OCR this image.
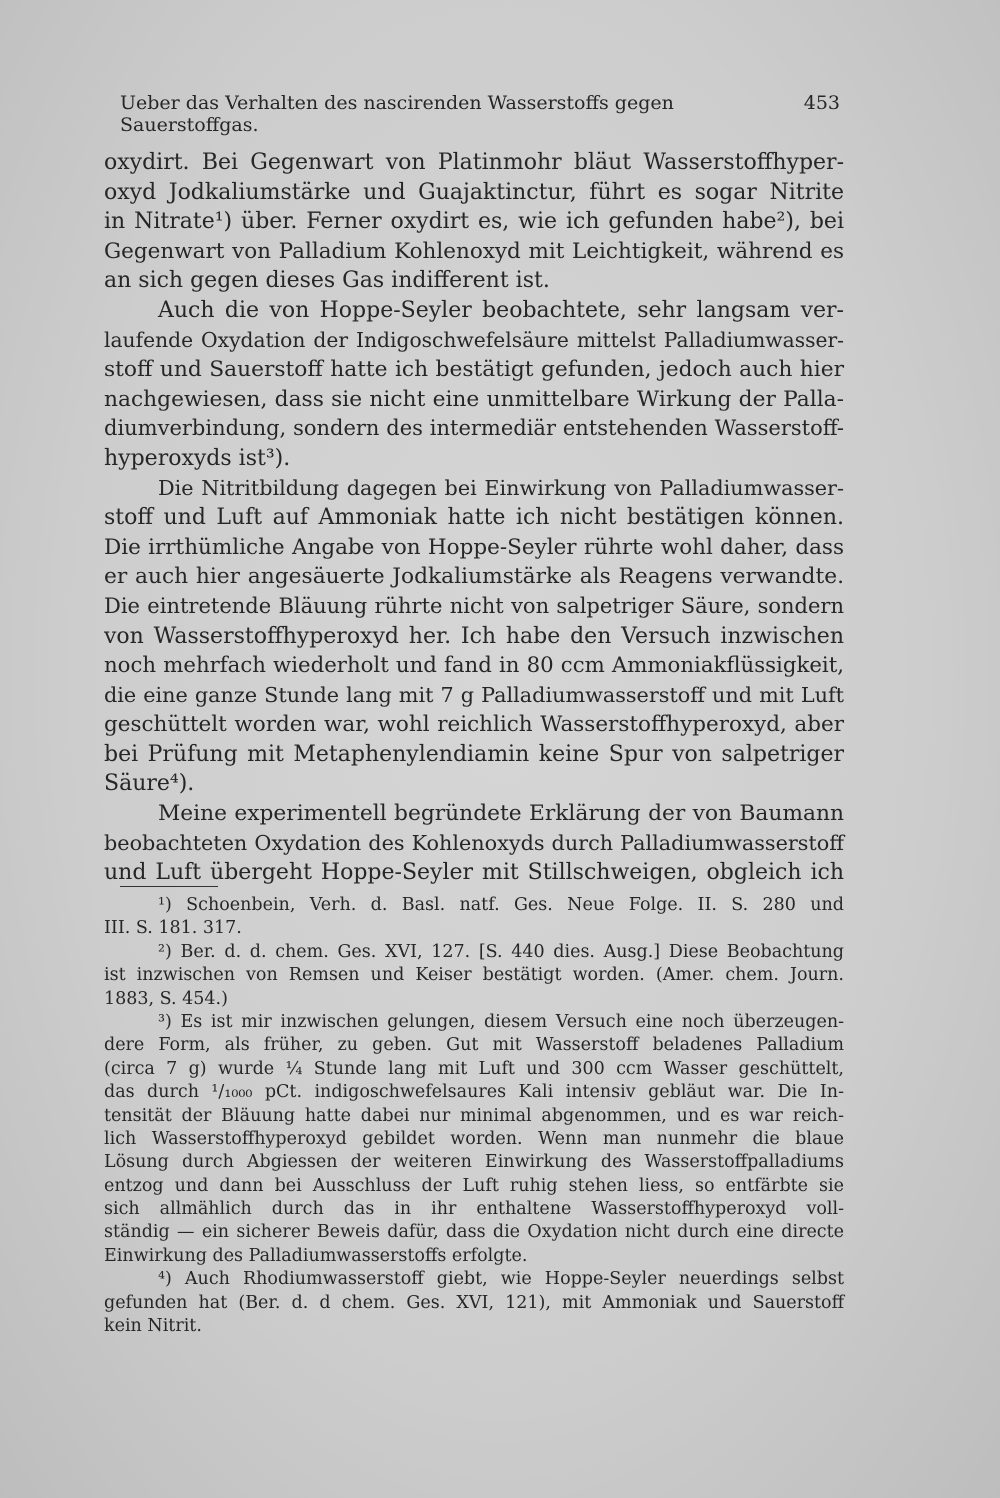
Ueber das Verhalten des nascirenden Wasserstoffs gegen Sauerstoffgas.
453
oxydirt. Bei Gegenwart von Platinmohr bläut Wasserstoffhyper-
oxyd Jodkaliumstärke und Guajaktinctur, führt es sogar Nitrite
in Nitrate¹) über. Ferner oxydirt es, wie ich gefunden habe²), bei
Gegenwart von Palladium Kohlenoxyd mit Leichtigkeit, während es
an sich gegen dieses Gas indifferent ist.
Auch die von Hoppe-Seyler beobachtete, sehr langsam ver-
laufende Oxydation der Indigoschwefelsäure mittelst Palladiumwasser-
stoff und Sauerstoff hatte ich bestätigt gefunden, jedoch auch hier
nachgewiesen, dass sie nicht eine unmittelbare Wirkung der Palla-
diumverbindung, sondern des intermediär entstehenden Wasserstoff-
hyperoxyds ist³).
Die Nitritbildung dagegen bei Einwirkung von Palladiumwasser-
stoff und Luft auf Ammoniak hatte ich nicht bestätigen können.
Die irrthümliche Angabe von Hoppe-Seyler rührte wohl daher, dass
er auch hier angesäuerte Jodkaliumstärke als Reagens verwandte.
Die eintretende Bläuung rührte nicht von salpetriger Säure, sondern
von Wasserstoffhyperoxyd her. Ich habe den Versuch inzwischen
noch mehrfach wiederholt und fand in 80 ccm Ammoniakflüssigkeit,
die eine ganze Stunde lang mit 7 g Palladiumwasserstoff und mit Luft
geschüttelt worden war, wohl reichlich Wasserstoffhyperoxyd, aber
bei Prüfung mit Metaphenylendiamin keine Spur von salpetriger
Säure⁴).
Meine experimentell begründete Erklärung der von Baumann
beobachteten Oxydation des Kohlenoxyds durch Palladiumwasserstoff
und Luft übergeht Hoppe-Seyler mit Stillschweigen, obgleich ich
¹) Schoenbein, Verh. d. Basl. natf. Ges. Neue Folge. II. S. 280 und
III. S. 181. 317.
²) Ber. d. d. chem. Ges. XVI, 127. [S. 440 dies. Ausg.] Diese Beobachtung
ist inzwischen von Remsen und Keiser bestätigt worden. (Amer. chem. Journ.
1883, S. 454.)
³) Es ist mir inzwischen gelungen, diesem Versuch eine noch überzeugen-
dere Form, als früher, zu geben. Gut mit Wasserstoff beladenes Palladium
(circa 7 g) wurde ¼ Stunde lang mit Luft und 300 ccm Wasser geschüttelt,
das durch ¹/₁₀₀₀ pCt. indigoschwefelsaures Kali intensiv gebläut war. Die In-
tensität der Bläuung hatte dabei nur minimal abgenommen, und es war reich-
lich Wasserstoffhyperoxyd gebildet worden. Wenn man nunmehr die blaue
Lösung durch Abgiessen der weiteren Einwirkung des Wasserstoffpalladiums
entzog und dann bei Ausschluss der Luft ruhig stehen liess, so entfärbte sie
sich allmählich durch das in ihr enthaltene Wasserstoffhyperoxyd voll-
ständig — ein sicherer Beweis dafür, dass die Oxydation nicht durch eine directe
Einwirkung des Palladiumwasserstoffs erfolgte.
⁴) Auch Rhodiumwasserstoff giebt, wie Hoppe-Seyler neuerdings selbst
gefunden hat (Ber. d. d chem. Ges. XVI, 121), mit Ammoniak und Sauerstoff
kein Nitrit.
